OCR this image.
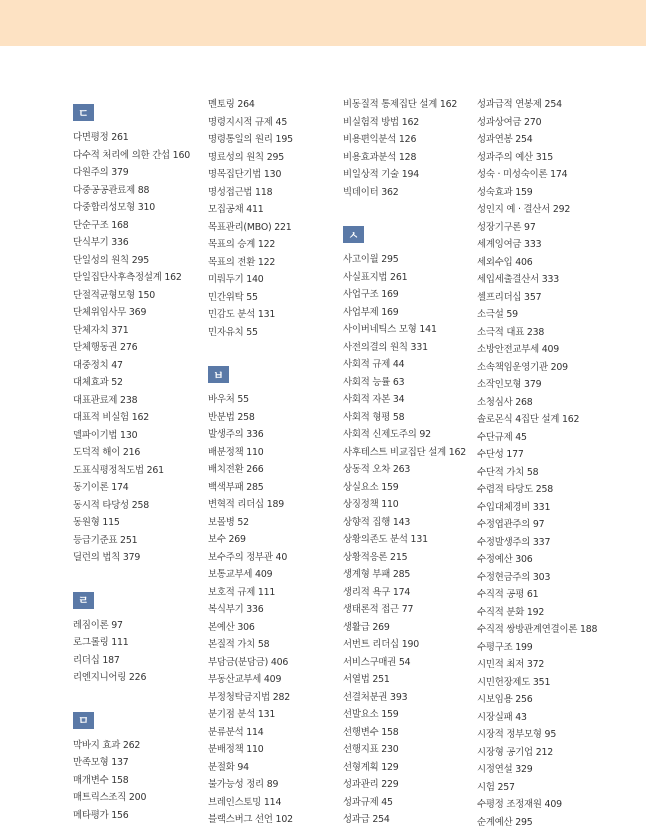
ㄷ
다면평정 261
다수적 처리에 의한 간섭 160
다원주의 379
다중공공관료제 88
다중합리성모형 310
단순구조 168
단식부기 336
단일성의 원칙 295
단일집단사후측정설계 162
단절적균형모형 150
단체위임사무 369
단체자치 371
단체행동권 276
대중정치 47
대체효과 52
대표관료제 238
대표적 비실험 162
델파이기법 130
도덕적 해이 216
도표식평정척도법 261
동기이론 174
동시적 타당성 258
동원형 115
등급기준표 251
딜런의 법칙 379
ㄹ
레짐이론 97
로그롤링 111
리더십 187
리엔지니어링 226
ㅁ
막바지 효과 262
만족모형 137
매개변수 158
매트릭스조직 200
메타평가 156
멘토링 264
명령지시적 규제 45
명령통일의 원리 195
명료성의 원칙 295
명목집단기법 130
명성접근법 118
모집공채 411
목표관리(MBO) 221
목표의 승계 122
목표의 전환 122
미뤄두기 140
민간위탁 55
민감도 분석 131
민자유치 55
ㅂ
바우처 55
반분법 258
발생주의 336
배분정책 110
배치전환 266
백색부패 285
변혁적 리더십 189
보몰병 52
보수 269
보수주의 정부관 40
보통교부세 409
보호적 규제 111
복식부기 336
본예산 306
본질적 가치 58
부담금(분담금) 406
부동산교부세 409
부정청탁금지법 282
분기점 분석 131
분류분석 114
분배정책 110
분절화 94
불가능성 정리 89
브레인스토밍 114
블랙스버그 선언 102
비동질적 통제집단 설계 162
비실험적 방법 162
비용편익분석 126
비용효과분석 128
비일상적 기술 194
빅데이터 362
ㅅ
사고이월 295
사실표지법 261
사업구조 169
사업부제 169
사이버네틱스 모형 141
사전의결의 원칙 331
사회적 규제 44
사회적 능률 63
사회적 자본 34
사회적 형평 58
사회적 신제도주의 92
사후테스트 비교집단 설계 162
상동적 오차 263
상실요소 159
상징정책 110
상향적 집행 143
상황의존도 분석 131
상황적응론 215
생계형 부패 285
생리적 욕구 174
생태론적 접근 77
생활급 269
서번트 리더십 190
서비스구매권 54
서열법 251
선결처분권 393
선발요소 159
선행변수 158
선행지표 230
선형계획 129
성과관리 229
성과규제 45
성과급 254
성과급적 연봉제 254
성과상여금 270
성과연봉 254
성과주의 예산 315
성숙 · 미성숙이론 174
성숙효과 159
성인지 예 · 결산서 292
성장기구론 97
세계잉여금 333
세외수입 406
세입세출결산서 333
셀프리더십 357
소극설 59
소극적 대표 238
소방안전교부세 409
소속책임운영기관 209
소작인모형 379
소청심사 268
솔로몬식 4집단 설계 162
수단규제 45
수단성 177
수단적 가치 58
수렴적 타당도 258
수입대체경비 331
수정엽관주의 97
수정발생주의 337
수정예산 306
수정현금주의 303
수직적 공평 61
수직적 분화 192
수직적 쌍방관계연결이론 188
수평구조 199
시민적 최저 372
시민헌장제도 351
시보임용 256
시장실패 43
시장적 정부모형 95
시장형 공기업 212
시정연설 329
시험 257
수평정 조정재원 409
순계예산 295
